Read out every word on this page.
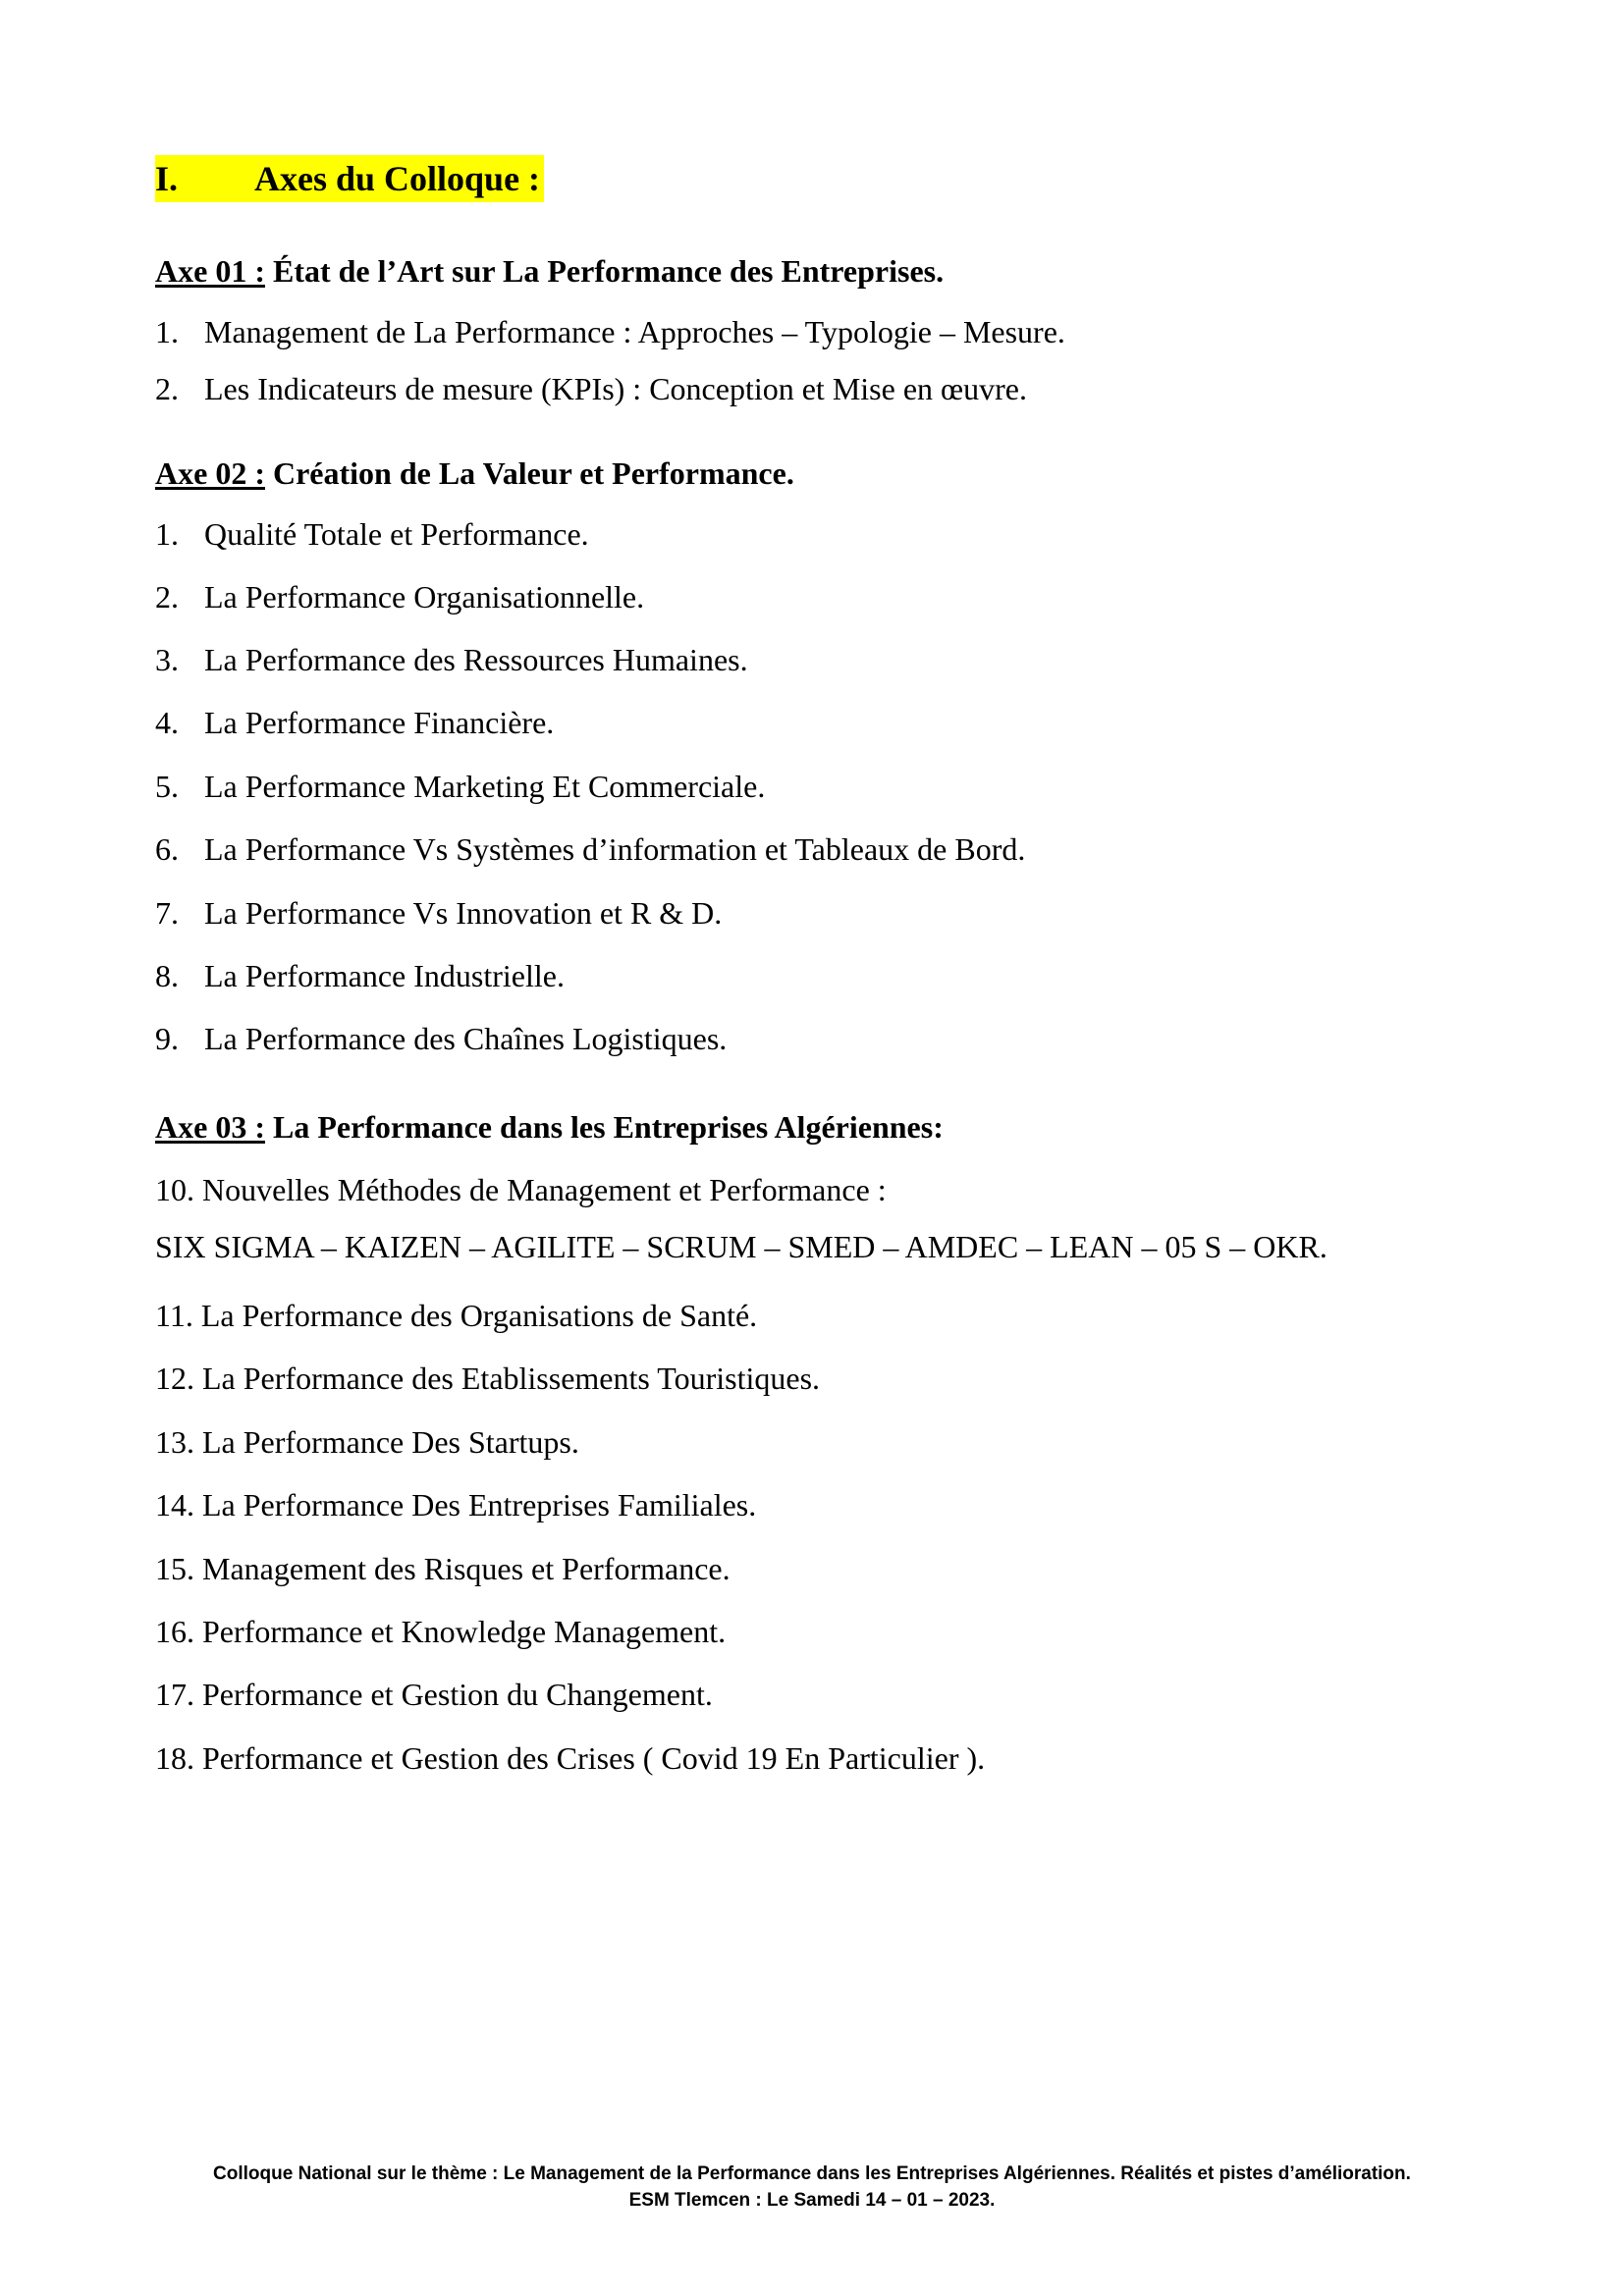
I. Axes du Colloque :
Axe 01 : État de l’Art sur La Performance des Entreprises.
1. Management de La Performance : Approches – Typologie – Mesure.
2. Les Indicateurs de mesure (KPIs) : Conception et Mise en œuvre.
Axe 02 : Création de La Valeur et Performance.
1. Qualité Totale et Performance.
2. La Performance Organisationnelle.
3. La Performance des Ressources Humaines.
4. La Performance Financière.
5. La Performance Marketing Et Commerciale.
6. La Performance Vs Systèmes d’information et Tableaux de Bord.
7. La Performance Vs Innovation et R & D.
8. La Performance Industrielle.
9. La Performance des Chaînes Logistiques.
Axe 03 : La Performance dans les Entreprises Algériennes:
10. Nouvelles Méthodes de Management et Performance :
SIX SIGMA – KAIZEN – AGILITE – SCRUM – SMED – AMDEC – LEAN – 05 S – OKR.
11. La Performance des Organisations de Santé.
12. La Performance des Etablissements Touristiques.
13. La Performance Des Startups.
14. La Performance Des Entreprises Familiales.
15. Management des Risques et Performance.
16. Performance et Knowledge Management.
17. Performance et Gestion du Changement.
18. Performance et Gestion des Crises ( Covid 19 En Particulier ).
Colloque National sur le thème : Le Management de la Performance dans les Entreprises Algériennes. Réalités et pistes d’amélioration.
ESM Tlemcen : Le Samedi 14 – 01 – 2023.
